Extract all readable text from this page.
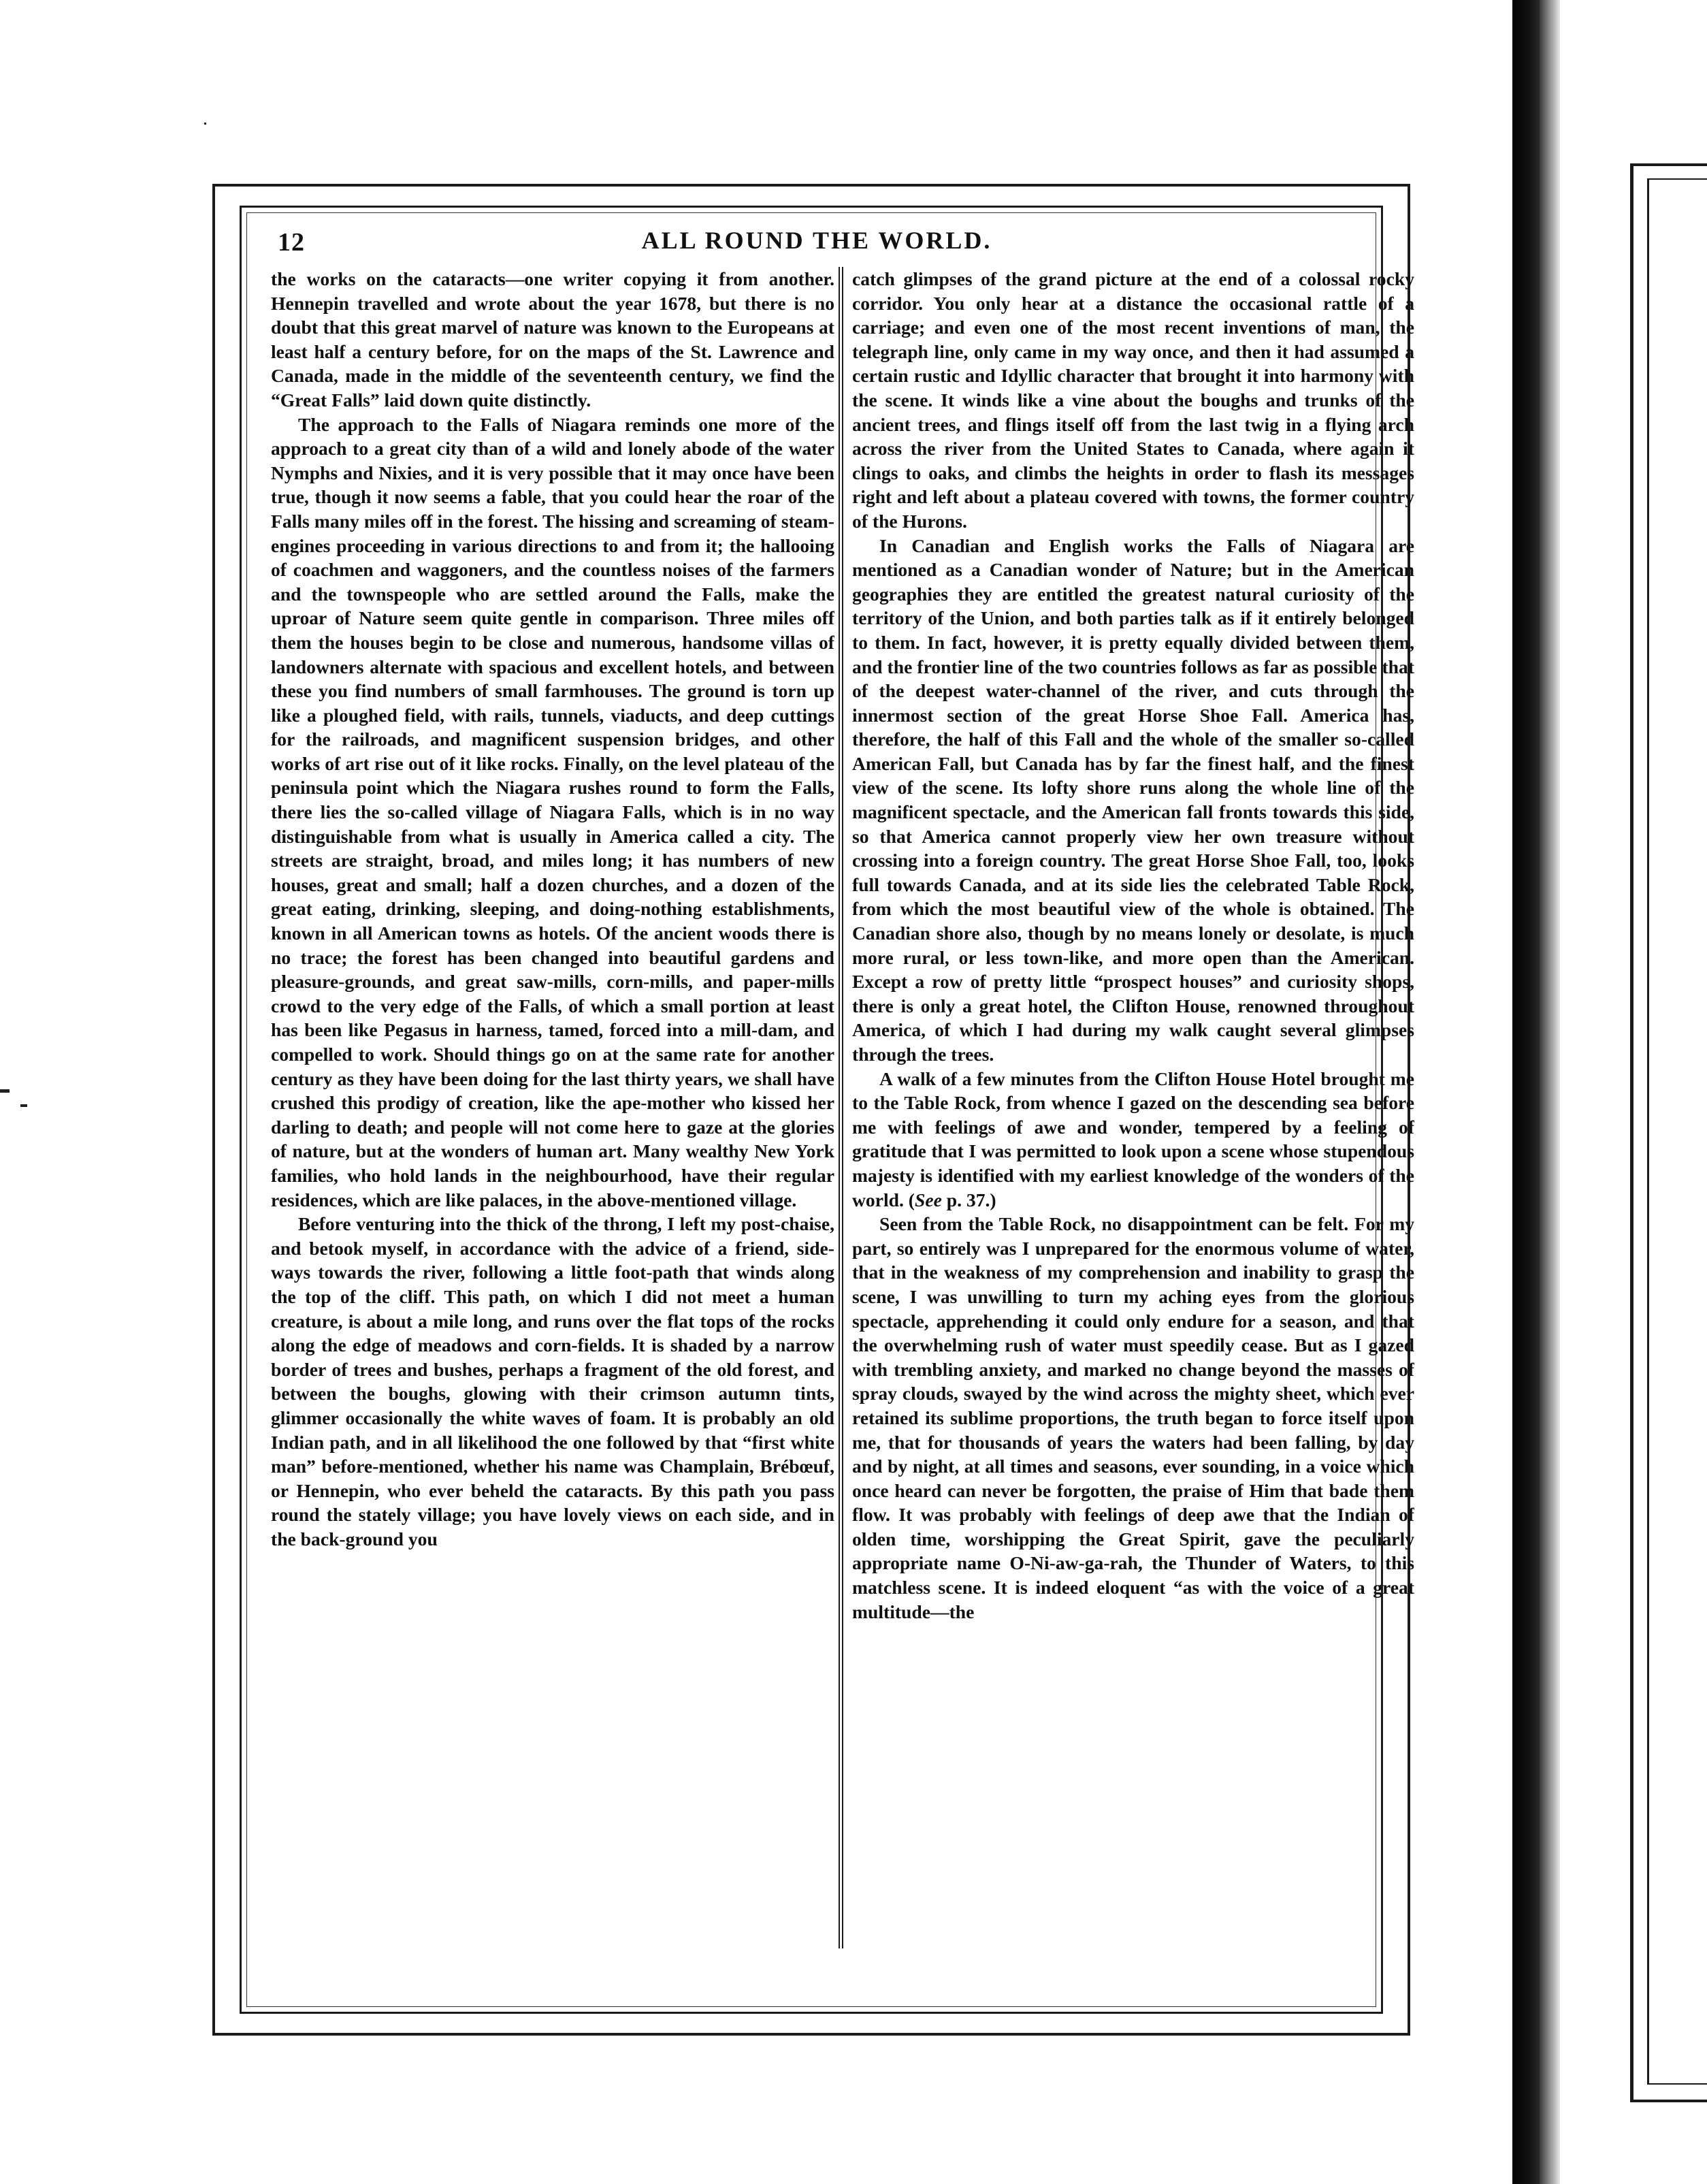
12	ALL ROUND THE WORLD.

the works on the cataracts—one writer copying it from another. Hennepin travelled and wrote about the year 1678, but there is no doubt that this great marvel of nature was known to the Europeans at least half a century before, for on the maps of the St. Lawrence and Canada, made in the middle of the seventeenth century, we find the “Great Falls” laid down quite distinctly.

The approach to the Falls of Niagara reminds one more of the approach to a great city than of a wild and lonely abode of the water Nymphs and Nixies, and it is very possible that it may once have been true, though it now seems a fable, that you could hear the roar of the Falls many miles off in the forest. The hissing and screaming of steam-engines proceeding in various directions to and from it; the hallooing of coachmen and waggoners, and the countless noises of the farmers and the townspeople who are settled around the Falls, make the uproar of Nature seem quite gentle in comparison. Three miles off them the houses begin to be close and numerous, handsome villas of landowners alternate with spacious and excellent hotels, and between these you find numbers of small farmhouses. The ground is torn up like a ploughed field, with rails, tunnels, viaducts, and deep cuttings for the railroads, and magnificent suspension bridges, and other works of art rise out of it like rocks. Finally, on the level plateau of the peninsula point which the Niagara rushes round to form the Falls, there lies the so-called village of Niagara Falls, which is in no way distinguishable from what is usually in America called a city. The streets are straight, broad, and miles long; it has numbers of new houses, great and small; half a dozen churches, and a dozen of the great eating, drinking, sleeping, and doing-nothing establishments, known in all American towns as hotels. Of the ancient woods there is no trace; the forest has been changed into beautiful gardens and pleasure-grounds, and great saw-mills, corn-mills, and paper-mills crowd to the very edge of the Falls, of which a small portion at least has been like Pegasus in harness, tamed, forced into a mill-dam, and compelled to work. Should things go on at the same rate for another century as they have been doing for the last thirty years, we shall have crushed this prodigy of creation, like the ape-mother who kissed her darling to death; and people will not come here to gaze at the glories of nature, but at the wonders of human art. Many wealthy New York families, who hold lands in the neighbourhood, have their regular residences, which are like palaces, in the above-mentioned village.

Before venturing into the thick of the throng, I left my post-chaise, and betook myself, in accordance with the advice of a friend, side-ways towards the river, following a little foot-path that winds along the top of the cliff. This path, on which I did not meet a human creature, is about a mile long, and runs over the flat tops of the rocks along the edge of meadows and corn-fields. It is shaded by a narrow border of trees and bushes, perhaps a fragment of the old forest, and between the boughs, glowing with their crimson autumn tints, glimmer occasionally the white waves of foam. It is probably an old Indian path, and in all likelihood the one followed by that “first white man” before-mentioned, whether his name was Champlain, Brébœuf, or Hennepin, who ever beheld the cataracts. By this path you pass round the stately village; you have lovely views on each side, and in the back-ground you

catch glimpses of the grand picture at the end of a colossal rocky corridor. You only hear at a distance the occasional rattle of a carriage; and even one of the most recent inventions of man, the telegraph line, only came in my way once, and then it had assumed a certain rustic and Idyllic character that brought it into harmony with the scene. It winds like a vine about the boughs and trunks of the ancient trees, and flings itself off from the last twig in a flying arch across the river from the United States to Canada, where again it clings to oaks, and climbs the heights in order to flash its messages right and left about a plateau covered with towns, the former country of the Hurons.

In Canadian and English works the Falls of Niagara are mentioned as a Canadian wonder of Nature; but in the American geographies they are entitled the greatest natural curiosity of the territory of the Union, and both parties talk as if it entirely belonged to them. In fact, however, it is pretty equally divided between them, and the frontier line of the two countries follows as far as possible that of the deepest water-channel of the river, and cuts through the innermost section of the great Horse Shoe Fall. America has, therefore, the half of this Fall and the whole of the smaller so-called American Fall, but Canada has by far the finest half, and the finest view of the scene. Its lofty shore runs along the whole line of the magnificent spectacle, and the American fall fronts towards this side, so that America cannot properly view her own treasure without crossing into a foreign country. The great Horse Shoe Fall, too, looks full towards Canada, and at its side lies the celebrated Table Rock, from which the most beautiful view of the whole is obtained. The Canadian shore also, though by no means lonely or desolate, is much more rural, or less town-like, and more open than the American. Except a row of pretty little “prospect houses” and curiosity shops, there is only a great hotel, the Clifton House, renowned throughout America, of which I had during my walk caught several glimpses through the trees.

A walk of a few minutes from the Clifton House Hotel brought me to the Table Rock, from whence I gazed on the descending sea before me with feelings of awe and wonder, tempered by a feeling of gratitude that I was permitted to look upon a scene whose stupendous majesty is identified with my earliest knowledge of the wonders of the world. (See p. 37.)

Seen from the Table Rock, no disappointment can be felt. For my part, so entirely was I unprepared for the enormous volume of water, that in the weakness of my comprehension and inability to grasp the scene, I was unwilling to turn my aching eyes from the glorious spectacle, apprehending it could only endure for a season, and that the overwhelming rush of water must speedily cease. But as I gazed with trembling anxiety, and marked no change beyond the masses of spray clouds, swayed by the wind across the mighty sheet, which ever retained its sublime proportions, the truth began to force itself upon me, that for thousands of years the waters had been falling, by day and by night, at all times and seasons, ever sounding, in a voice which once heard can never be forgotten, the praise of Him that bade them flow. It was probably with feelings of deep awe that the Indian of olden time, worshipping the Great Spirit, gave the peculiarly appropriate name O-Ni-aw-ga-rah, the Thunder of Waters, to this matchless scene. It is indeed eloquent “as with the voice of a great multitude—the
